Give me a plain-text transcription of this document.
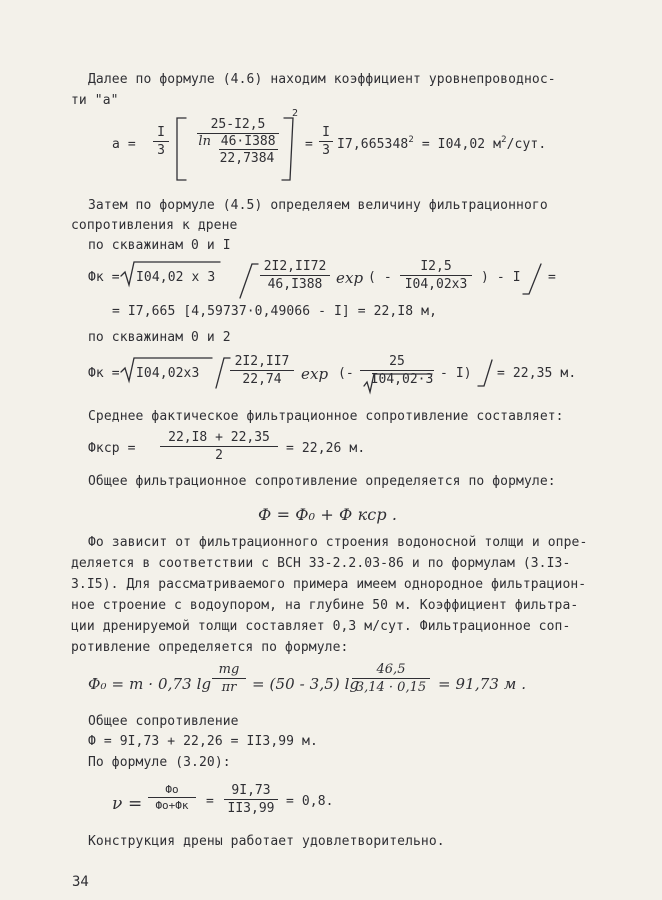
Далее по формуле (4.6) находим коэффициент уровнепроводнос-
ти "а"
$а = \frac{I}{3}$
25-I2,5
ln 46·I388
22,7384
2
= $\frac{I}{3} I7,665348^2 = I04,02$ $м^2$/сут.
Затем по формуле (4.5) определяем величину фильтрационного
сопротивления к дрене
по скважинам 0 и I
Фк = I04,02 х 3	$\frac{2I2,II72}{46,I388}$ exp ( -
I2,5
I04,02х3	) - I =
= I7,665 [4,59737·0,49066 - I] = 22,I8 м,
по скважинам 0 и 2
Фк = $I04,02х3 \frac{2I2,II7}{22,74}$ exp (- $\frac{25}{I04,02\cdot 3} - I) = 22,35$ м.
Среднее фактическое фильтрационное сопротивление составляет:
Фкср = $\frac{22,I8 + 22,35}{2} = 22,26$ м.
Общее фильтрационное сопротивление определяется по формуле:
Ф = Ф₀ + Ф кср .
Фо зависит от фильтрационного строения водоносной толщи и опре-
деляется в соответствии с ВСН 33-2.2.03-86 и по формулам (3.I3-
3.I5). Для рассматриваемого примера имеем однородное фильтрацион-
ное строение с водоупором, на глубине 50 м. Коэффициент фильтра-
ции дренируемой толщи составляет 0,3 м/сут. Фильтрационное соп-
ротивление определяется по формуле:
Ф₀ = m · 0,73 $\lg \frac{mg}{\pi r} = (50 - 3,5)$ lg
$\frac{46,5}{3,14 \cdot 0,15} = 91,73$ м .
Общее сопротивление
Ф = 9I,73 + 22,26 = II3,99 м.
По формуле (3.20):
ν =
Фо
Фо+Фк	= $\frac{9I,73}{II3,99} = 0,8$.
Конструкция дрены работает удовлетворительно.
34
